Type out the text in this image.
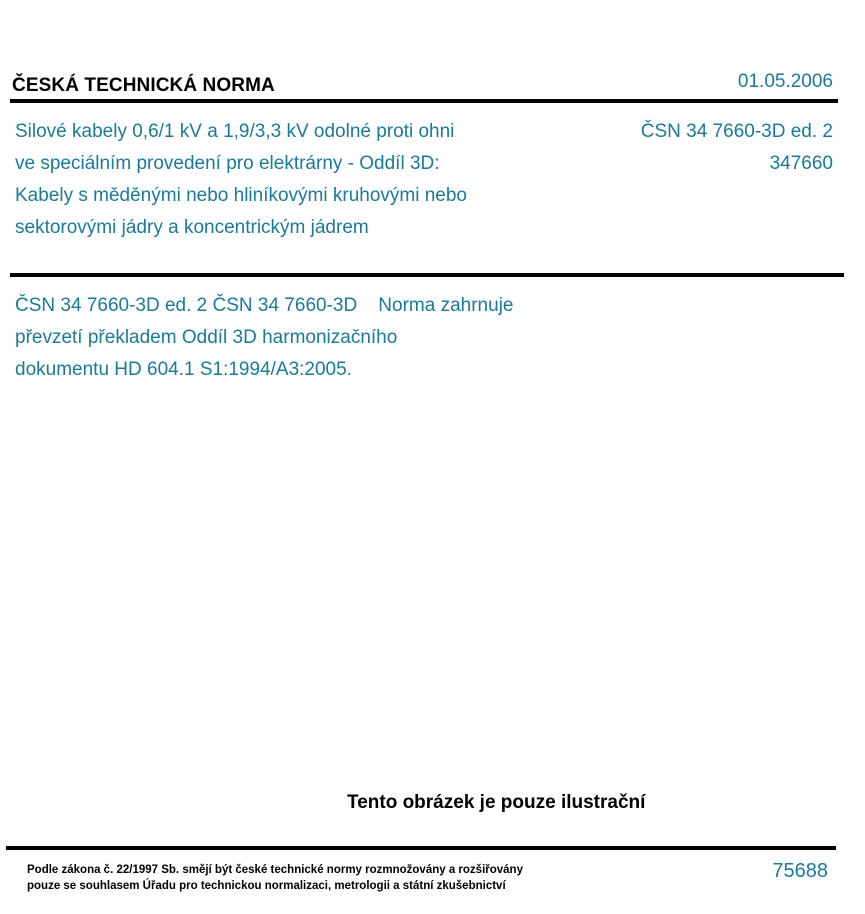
ČESKÁ TECHNICKÁ NORMA	01.05.2006
Silové kabely 0,6/1 kV a 1,9/3,3 kV odolné proti ohni
ve speciálním provedení pro elektrárny - Oddíl 3D:
Kabely s měděnými nebo hliníkovými kruhovými nebo
sektorovými jádry a koncentrickým jádrem
ČSN 34 7660-3D ed. 2
347660
ČSN 34 7660-3D ed. 2 ČSN 34 7660-3D    Norma zahrnuje
převzetí překladem Oddíl 3D harmonizačního
dokumentu HD 604.1 S1:1994/A3:2005.
Tento obrázek je pouze ilustrační
Podle zákona č. 22/1997 Sb. smějí být české technické normy rozmnožovány a rozšiřovány
pouze se souhlasem Úřadu pro technickou normalizaci, metrologii a státní zkušebnictví
75688
